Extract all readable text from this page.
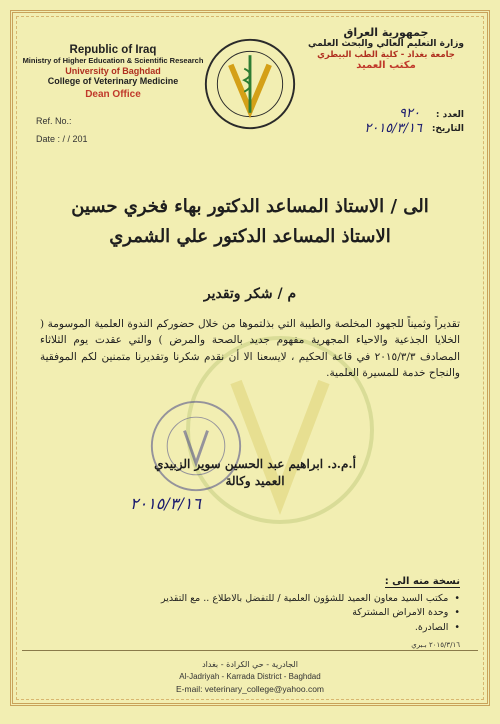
Republic of Iraq
Ministry of Higher Education & Scientific Research
University of Baghdad
College of Veterinary Medicine
Dean Office
جمهورية العراق
وزارة التعليم العالي والبحث العلمي
جامعة بغداد - كلية الطب البيطري
مكتب العميد
Ref. No.:
Date : / / 201
العدد :
التاريخ:
٩٢٠
٢٠١٥/٣/١٦
الى / الاستاذ المساعد الدكتور بهاء فخري حسين
الاستاذ المساعد الدكتور علي الشمري
م / شكر وتقدير
تقديراً وثميناً للجهود المخلصة والطيبة التي بذلتموها من خلال حضوركم الندوة العلمية الموسومة ( الخلايا الجذعية والاحياء المجهرية مفهوم جديد بالصحة والمرض ) والتي عقدت يوم الثلاثاء المصادف ٢٠١٥/٣/٣ في قاعة الحكيم ، لايسعنا الا أن نقدم شكرنا وتقديرنا متمنين لكم الموفقية والنجاح خدمة للمسيرة العلمية.
أ.م.د. ابراهيم عبد الحسين سوير الزبيدي
العميد وكالة
٢٠١٥/٣/١٦
نسخة منه الى :
• مكتب السيد معاون العميد للشؤون العلمية / للتفضل بالاطلاع .. مع التقدير
• وحدة الامراض المشتركة
• الصادرة.
٢٠١٥/٣/١٦ بـبري
الجادرية - حي الكرادة - بغداد
Al-Jadriyah - Karrada District - Baghdad
E-mail: veterinary_college@yahoo.com
